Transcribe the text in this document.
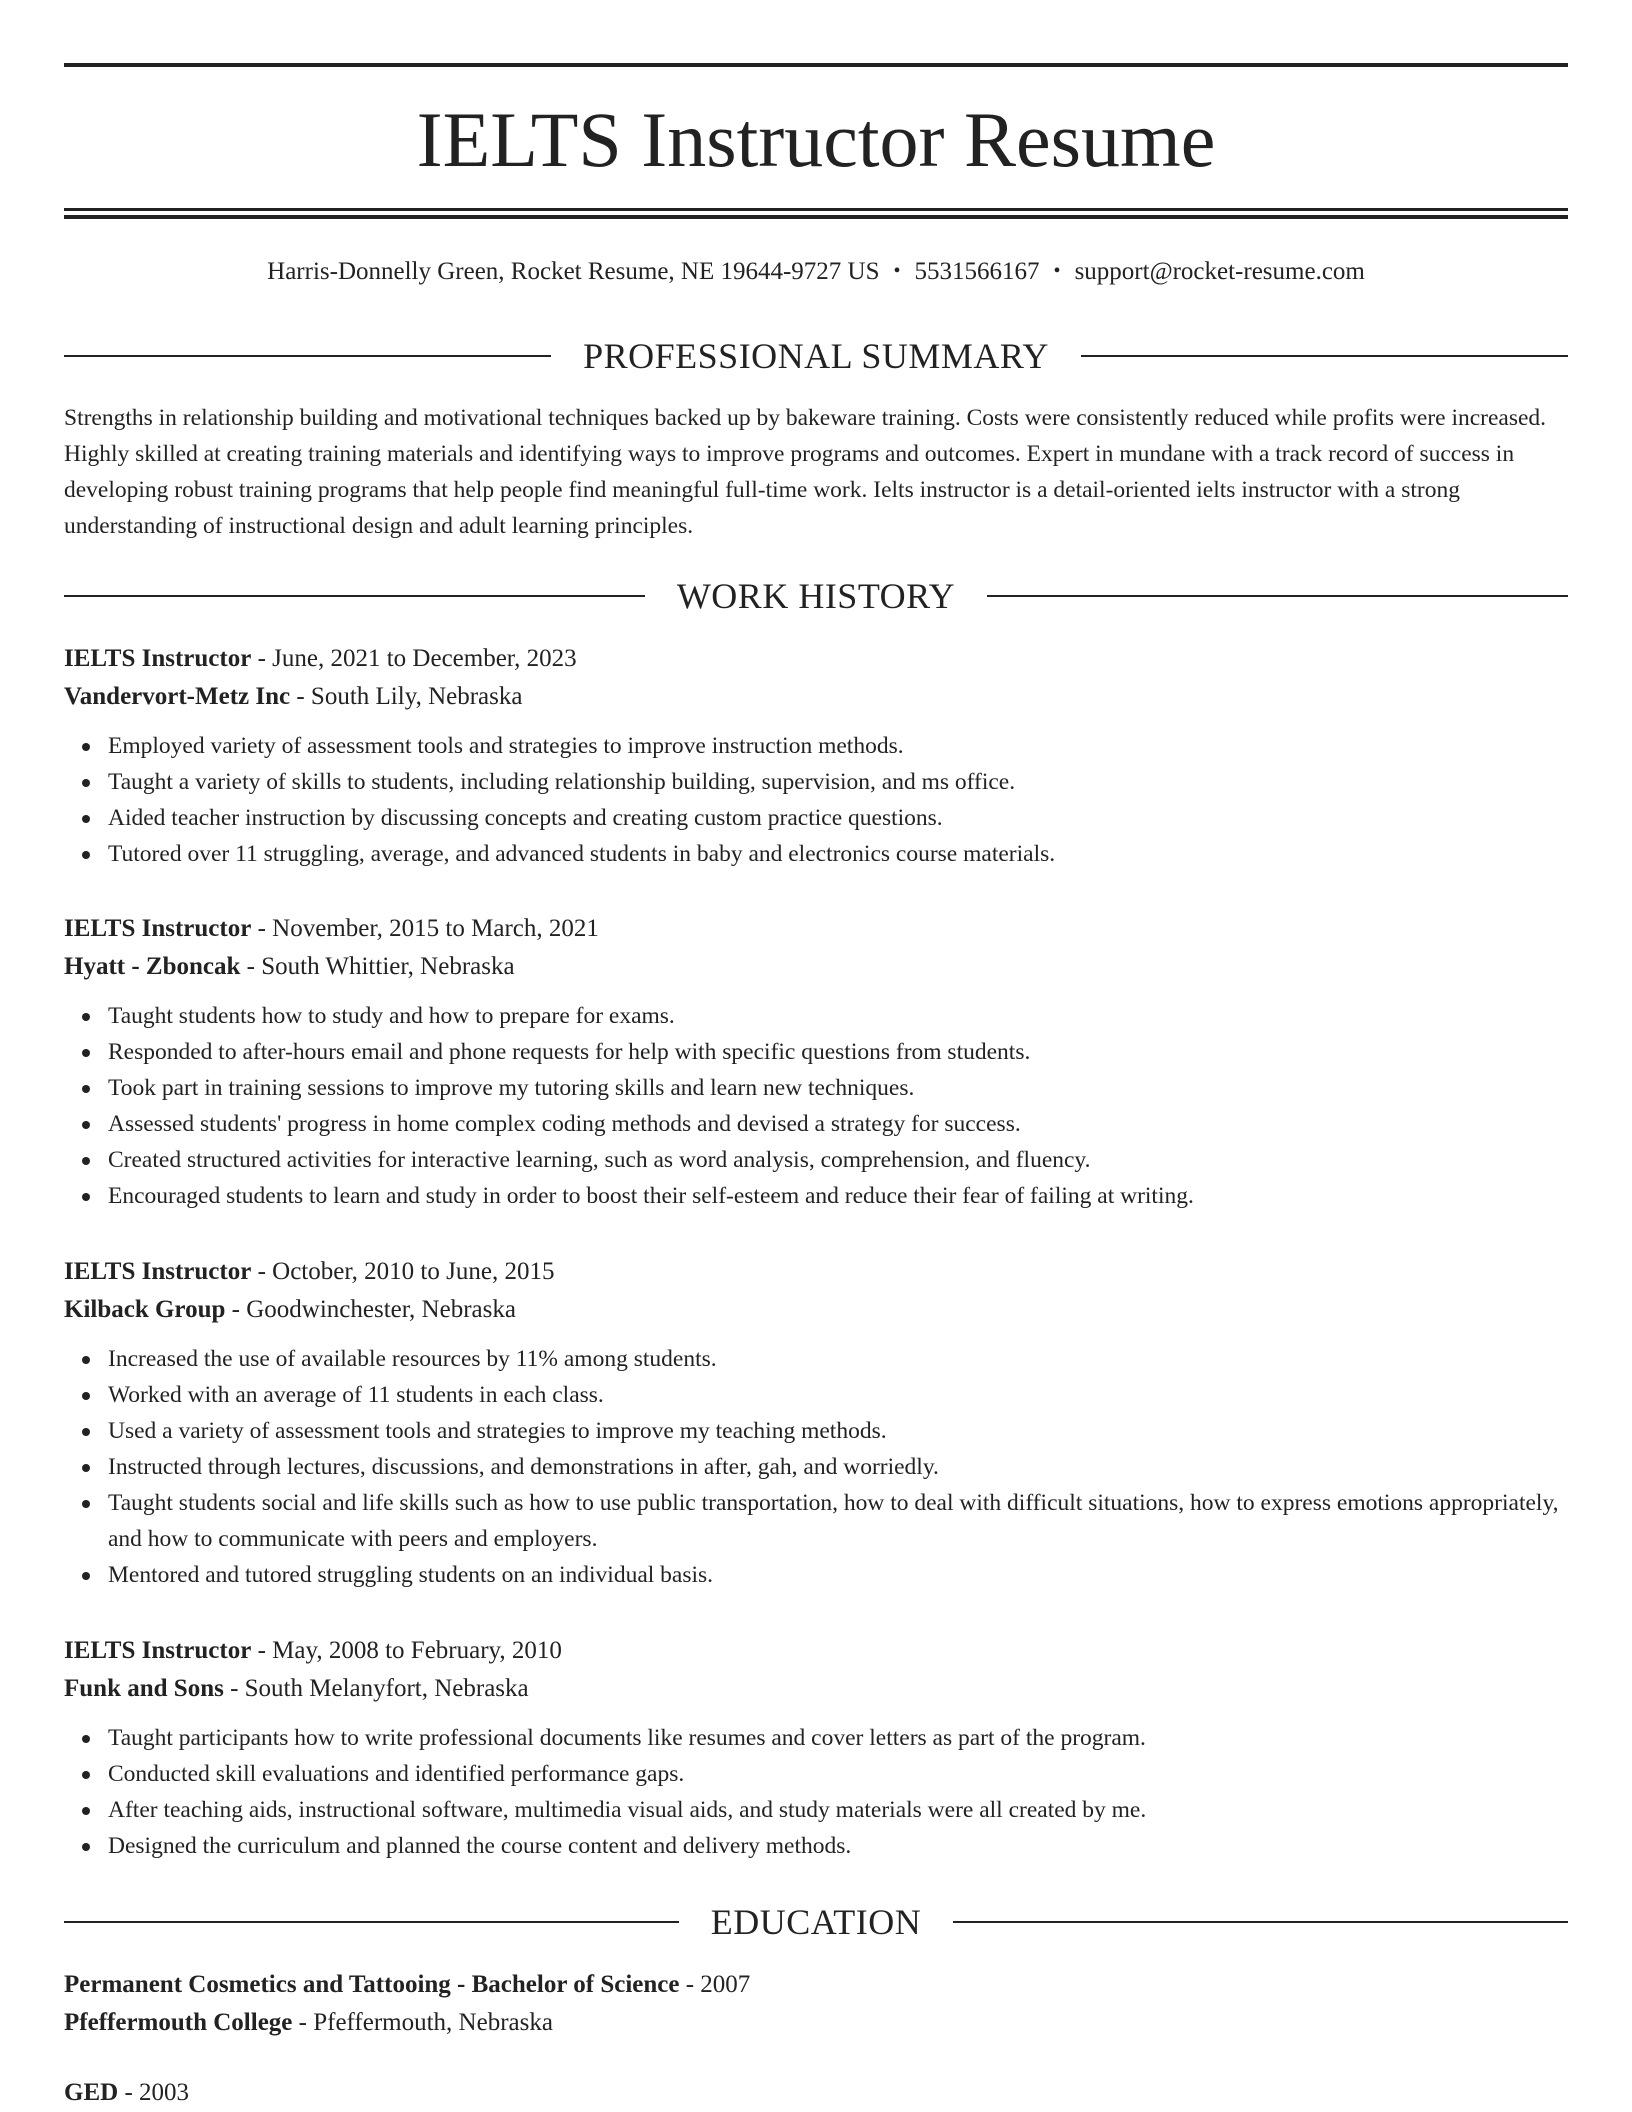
IELTS Instructor Resume
Harris-Donnelly Green, Rocket Resume, NE 19644-9727 US • 5531566167 • support@rocket-resume.com
PROFESSIONAL SUMMARY

Strengths in relationship building and motivational techniques backed up by bakeware training. Costs were consistently reduced while profits were increased. Highly skilled at creating training materials and identifying ways to improve programs and outcomes. Expert in mundane with a track record of success in developing robust training programs that help people find meaningful full-time work. Ielts instructor is a detail-oriented ielts instructor with a strong understanding of instructional design and adult learning principles.

WORK HISTORY

IELTS Instructor - June, 2021 to December, 2023

Vandervort-Metz Inc - South Lily, Nebraska

Employed variety of assessment tools and strategies to improve instruction methods.
Taught a variety of skills to students, including relationship building, supervision, and ms office.
Aided teacher instruction by discussing concepts and creating custom practice questions.
Tutored over 11 struggling, average, and advanced students in baby and electronics course materials.

IELTS Instructor - November, 2015 to March, 2021

Hyatt - Zboncak - South Whittier, Nebraska

Taught students how to study and how to prepare for exams.
Responded to after-hours email and phone requests for help with specific questions from students.
Took part in training sessions to improve my tutoring skills and learn new techniques.
Assessed students' progress in home complex coding methods and devised a strategy for success.
Created structured activities for interactive learning, such as word analysis, comprehension, and fluency.
Encouraged students to learn and study in order to boost their self-esteem and reduce their fear of failing at writing.

IELTS Instructor - October, 2010 to June, 2015

Kilback Group - Goodwinchester, Nebraska

Increased the use of available resources by 11% among students.
Worked with an average of 11 students in each class.
Used a variety of assessment tools and strategies to improve my teaching methods.
Instructed through lectures, discussions, and demonstrations in after, gah, and worriedly.
Taught students social and life skills such as how to use public transportation, how to deal with difficult situations, how to express emotions appropriately, and how to communicate with peers and employers.
Mentored and tutored struggling students on an individual basis.

IELTS Instructor - May, 2008 to February, 2010

Funk and Sons - South Melanyfort, Nebraska

Taught participants how to write professional documents like resumes and cover letters as part of the program.
Conducted skill evaluations and identified performance gaps.
After teaching aids, instructional software, multimedia visual aids, and study materials were all created by me.
Designed the curriculum and planned the course content and delivery methods.
EDUCATION

Permanent Cosmetics and Tattooing - Bachelor of Science - 2007

Pfeffermouth College - Pfeffermouth, Nebraska

GED - 2003
